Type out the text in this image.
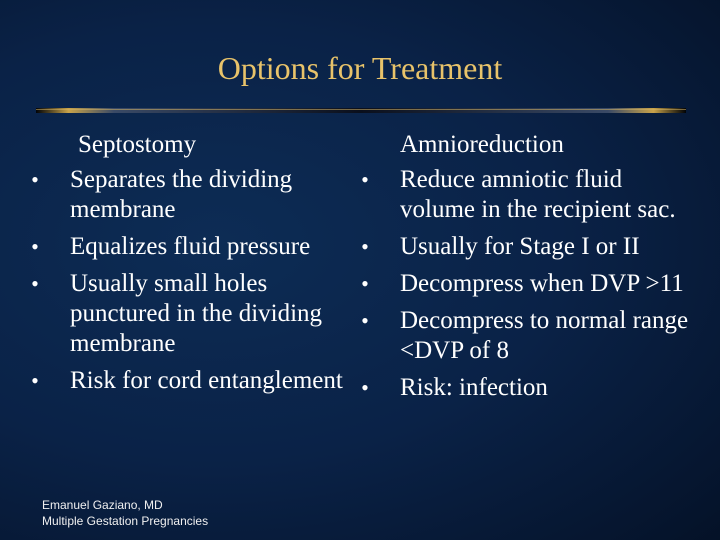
Options for Treatment
Septostomy
• Separates the dividing membrane
• Equalizes fluid pressure
• Usually small holes punctured in the dividing membrane
• Risk for cord entanglement
Amnioreduction
• Reduce amniotic fluid volume in the recipient sac.
• Usually for Stage I or II
• Decompress when DVP >11
• Decompress to normal range <DVP of 8
• Risk: infection
Emanuel Gaziano, MD
Multiple Gestation Pregnancies
